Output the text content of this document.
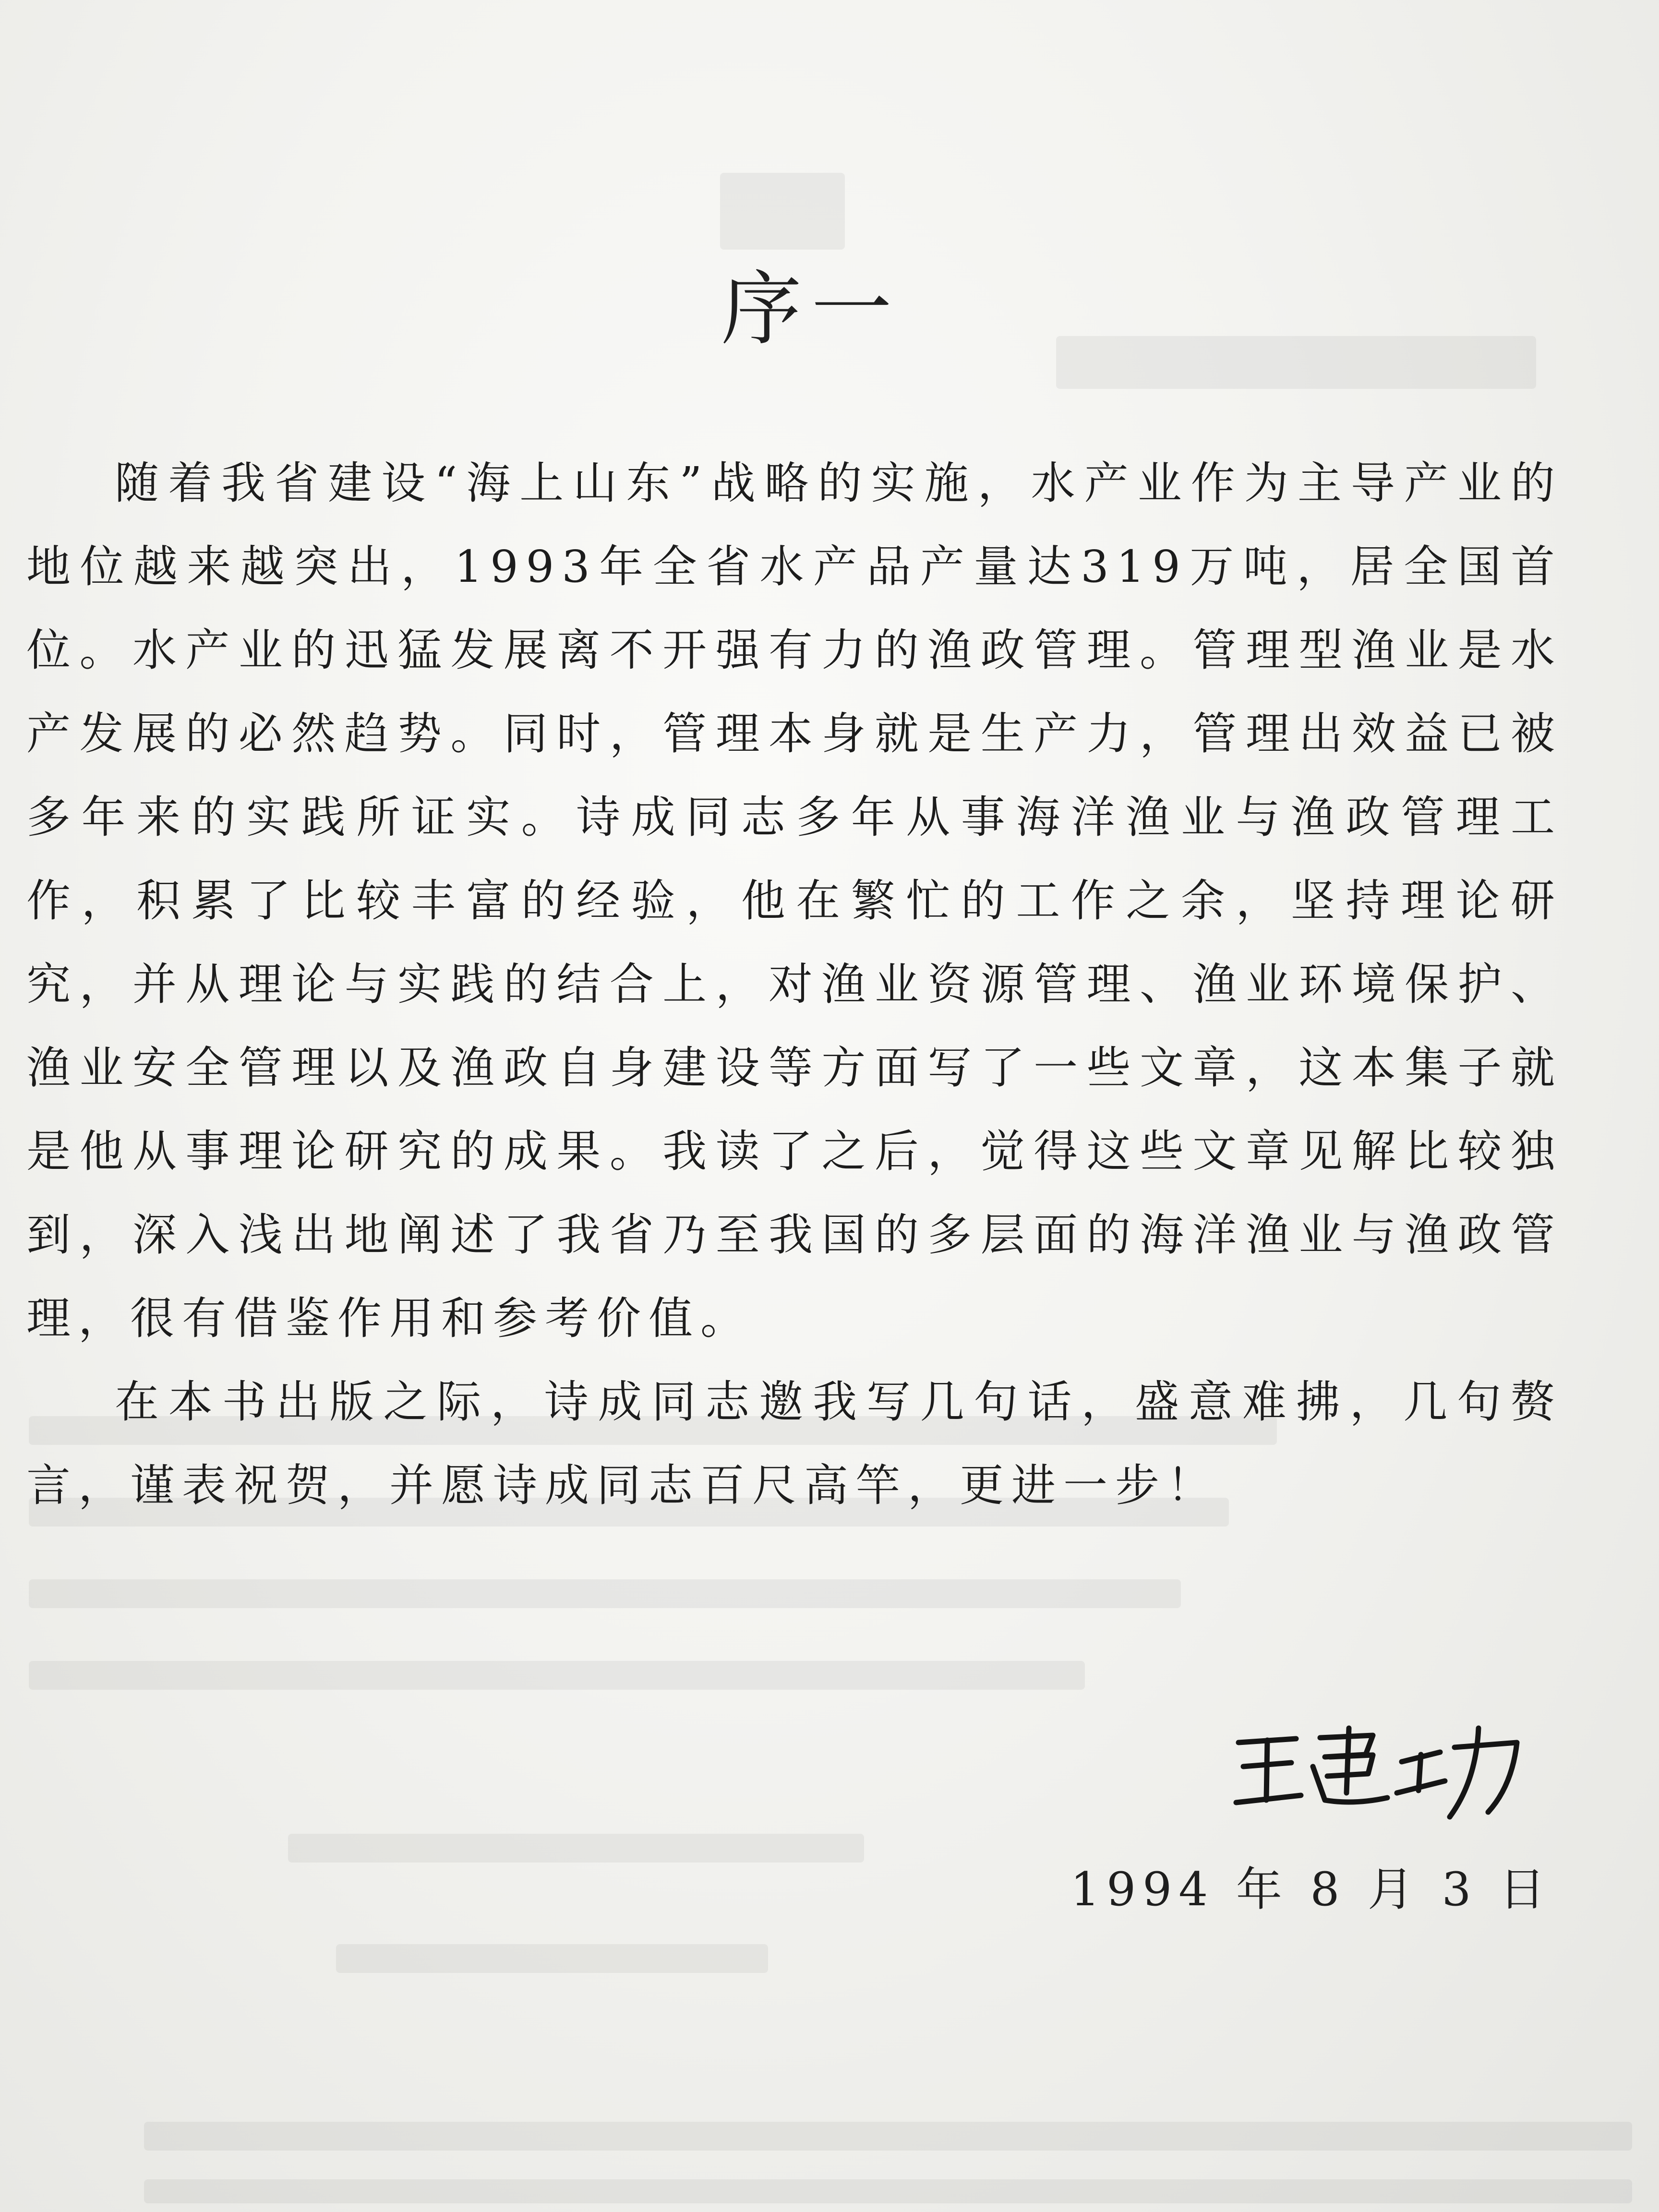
序一

随着我省建设“海上山东”战略的实施，水产业作为主导产业的地位越来越突出，1993年全省水产品产量达319万吨，居全国首位。水产业的迅猛发展离不开强有力的渔政管理。管理型渔业是水产发展的必然趋势。同时，管理本身就是生产力，管理出效益已被多年来的实践所证实。诗成同志多年从事海洋渔业与渔政管理工作，积累了比较丰富的经验，他在繁忙的工作之余，坚持理论研究，并从理论与实践的结合上，对渔业资源管理、渔业环境保护、渔业安全管理以及渔政自身建设等方面写了一些文章，这本集子就是他从事理论研究的成果。我读了之后，觉得这些文章见解比较独到，深入浅出地阐述了我省乃至我国的多层面的海洋渔业与渔政管理，很有借鉴作用和参考价值。

在本书出版之际，诗成同志邀我写几句话，盛意难拂，几句赘言，谨表祝贺，并愿诗成同志百尺高竿，更进一步！

1994 年 8 月 3 日
